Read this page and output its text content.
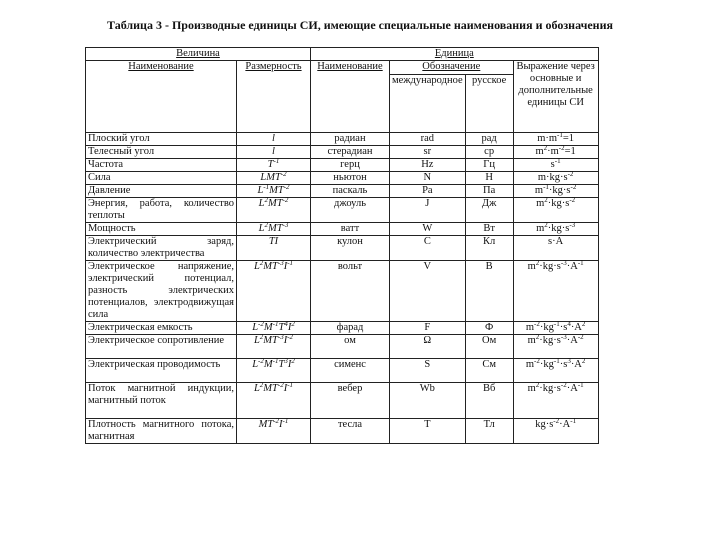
Таблица 3 - Производные единицы СИ, имеющие специальные наименования и обозначения
Величина		Единица			
Наименование	Размерность	Наименование	Обозначение		Выражение через основные и дополнительные единицы СИ
			международное	русское	
Плоский угол	l	радиан	rad	рад	$m\cdot m^{-1}=1$
Телесный угол	l	стерадиан	sr	ср	$m^2\cdot m^{-2}=1$
Частота	$T^{-1}$	герц	Hz	Гц	$s^{-1}$
Сила	$LMT^{-2}$	ньютон	N	Н	$m\cdot kg\cdot s^{-2}$
Давление	$L^{-1}MT^{-2}$	паскаль	Pa	Па	$m^{-1}\cdot kg\cdot s^{-2}$
Энергия, работа, количество теплоты	$L^2MT^{-2}$	джоуль	J	Дж	$m^2\cdot kg\cdot s^{-2}$
Мощность	$L^2MT^{-3}$	ватт	W	Вт	$m^2\cdot kg\cdot s^{-3}$
Электрический заряд, количество электричества	TI	кулон	C	Кл	s·A
Электрическое напряжение, электрический потенциал, разность электрических потенциалов, электродвижущая сила	$L^2MT^{-3}I^{-1}$	вольт	V	В	$m^2\cdot kg\cdot s^{-3}\cdot A^{-1}$
Электрическая емкость	$L^{-2}M^{-1}T^4I^2$	фарад	F	Ф	$m^{-2}\cdot kg^{-1}\cdot s^4\cdot A^2$
Электрическое сопротивление	$L^2MT^{-3}I^{-2}$	ом	Ω	Ом	$m^2\cdot kg\cdot s^{-3}\cdot A^{-2}$
Электрическая проводимость	$L^{-2}M^{-1}T^3I^2$	сименс	S	См	$m^{-2}\cdot kg^{-1}\cdot s^3\cdot A^2$
Поток магнитной индукции, магнитный поток	$L^2MT^{-2}I^{-1}$	вебер	Wb	Вб	$m^2\cdot kg\cdot s^{-2}\cdot A^{-1}$
Плотность магнитного потока, магнитная	$MT^{-2}I^{-1}$	тесла	T	Тл	$kg\cdot s^{-2}\cdot A^{-1}$
